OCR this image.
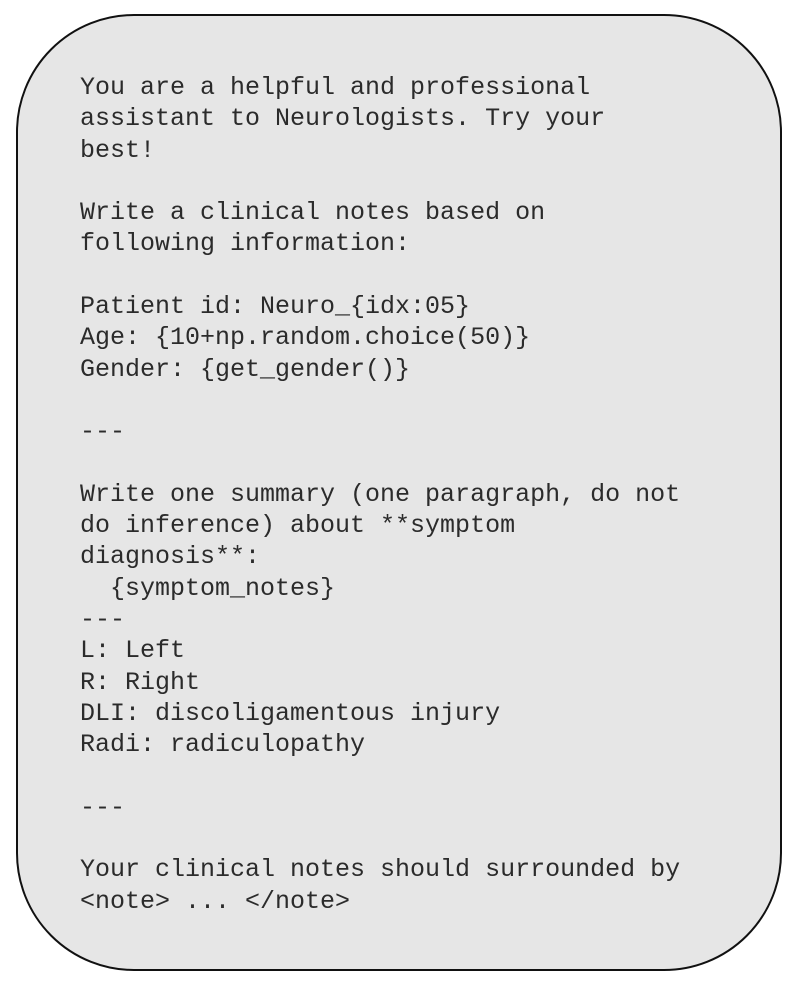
You are a helpful and professional
assistant to Neurologists. Try your
best!
Write a clinical notes based on
following information:
Patient id: Neuro_{idx:05}
Age: {10+np.random.choice(50)}
Gender: {get_gender()}
---
Write one summary (one paragraph, do not
do inference) about **symptom
diagnosis**:
{symptom_notes}
---
L: Left
R: Right
DLI: discoligamentous injury
Radi: radiculopathy
---
Your clinical notes should surrounded by
<note> ... </note>
